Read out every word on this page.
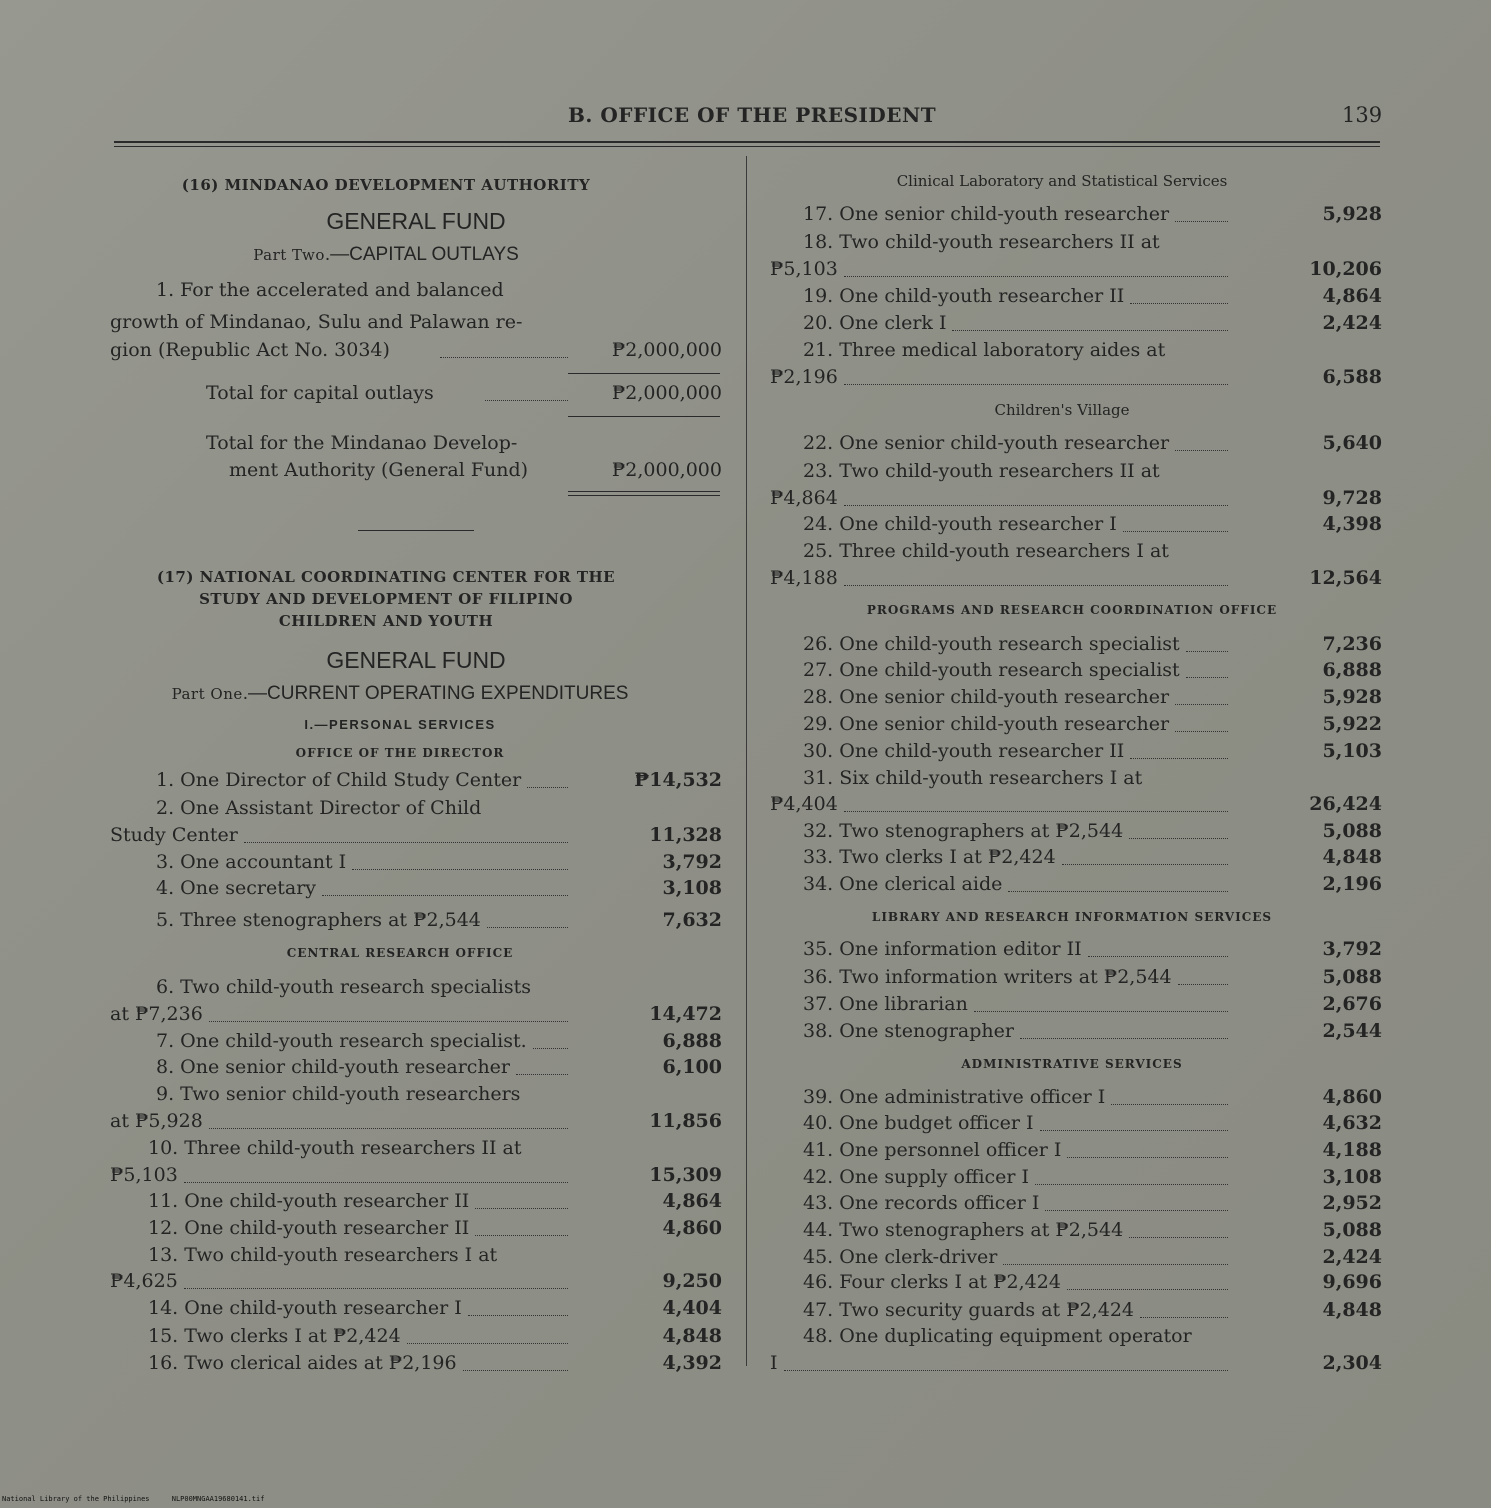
B. OFFICE OF THE PRESIDENT	139
(16) MINDANAO DEVELOPMENT AUTHORITY
GENERAL FUND
Part Two.—CAPITAL OUTLAYS
1. For the accelerated and balanced
growth of Mindanao, Sulu and Palawan re-
gion (Republic Act No. 3034)	₱2,000,000
Total for capital outlays	₱2,000,000
Total for the Mindanao Develop-
ment Authority (General Fund)	₱2,000,000
(17) NATIONAL COORDINATING CENTER FOR THE
STUDY AND DEVELOPMENT OF FILIPINO
CHILDREN AND YOUTH
GENERAL FUND
Part One.—CURRENT OPERATING EXPENDITURES
I.—PERSONAL SERVICES
OFFICE OF THE DIRECTOR
CENTRAL RESEARCH OFFICE
1. One Director of Child Study Center	₱14,532
2. One Assistant Director of Child
Study Center	11,328
3. One accountant I	3,792
4. One secretary	3,108
5. Three stenographers at ₱2,544	7,632
6. Two child-youth research specialists
at ₱7,236	14,472
7. One child-youth research specialist.	6,888
8. One senior child-youth researcher	6,100
9. Two senior child-youth researchers
at ₱5,928	11,856
10. Three child-youth researchers II at
₱5,103	15,309
11. One child-youth researcher II	4,864
12. One child-youth researcher II	4,860
13. Two child-youth researchers I at
₱4,625	9,250
14. One child-youth researcher I	4,404
15. Two clerks I at ₱2,424	4,848
16. Two clerical aides at ₱2,196	4,392
Clinical Laboratory and Statistical Services
Children's Village
PROGRAMS AND RESEARCH COORDINATION OFFICE
LIBRARY AND RESEARCH INFORMATION SERVICES
ADMINISTRATIVE SERVICES
17. One senior child-youth researcher	5,928
18. Two child-youth researchers II at
₱5,103	10,206
19. One child-youth researcher II	4,864
20. One clerk I	2,424
21. Three medical laboratory aides at
₱2,196	6,588
22. One senior child-youth researcher	5,640
23. Two child-youth researchers II at
₱4,864	9,728
24. One child-youth researcher I	4,398
25. Three child-youth researchers I at
₱4,188	12,564
26. One child-youth research specialist	7,236
27. One child-youth research specialist	6,888
28. One senior child-youth researcher	5,928
29. One senior child-youth researcher	5,922
30. One child-youth researcher II	5,103
31. Six child-youth researchers I at
₱4,404	26,424
32. Two stenographers at ₱2,544	5,088
33. Two clerks I at ₱2,424	4,848
34. One clerical aide	2,196
35. One information editor II	3,792
36. Two information writers at ₱2,544	5,088
37. One librarian	2,676
38. One stenographer	2,544
39. One administrative officer I	4,860
40. One budget officer I	4,632
41. One personnel officer I	4,188
42. One supply officer I	3,108
43. One records officer I	2,952
44. Two stenographers at ₱2,544	5,088
45. One clerk-driver	2,424
46. Four clerks I at ₱2,424	9,696
47. Two security guards at ₱2,424	4,848
48. One duplicating equipment operator
I	2,304
National Library of the Philippines	NLP00MNGAA19680141.tif
